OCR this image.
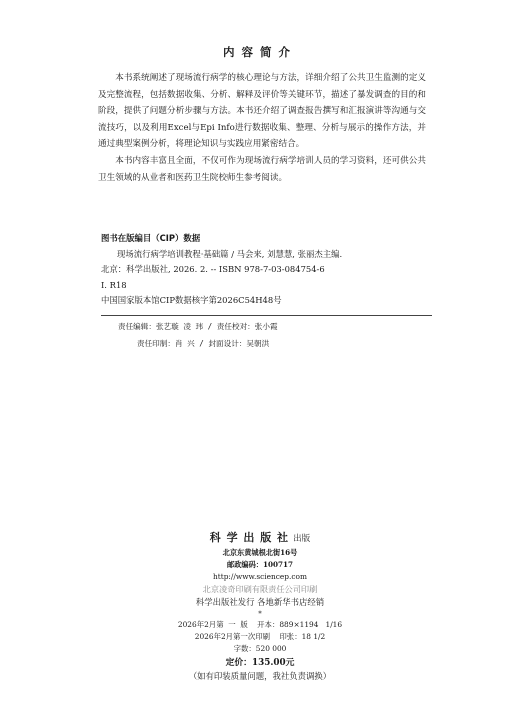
内容简介

本书系统阐述了现场流行病学的核心理论与方法，详细介绍了公共卫生监测的定义及完整流程，包括数据收集、分析、解释及评价等关键环节，描述了暴发调查的目的和阶段，提供了问题分析步骤与方法。本书还介绍了调查报告撰写和汇报演讲等沟通与交流技巧，以及利用Excel与Epi Info进行数据收集、整理、分析与展示的操作方法，并通过典型案例分析，将理论知识与实践应用紧密结合。

本书内容丰富且全面，不仅可作为现场流行病学培训人员的学习资料，还可供公共卫生领域的从业者和医药卫生院校师生参考阅读。

图书在版编目（CIP）数据
现场流行病学培训教程·基础篇 / 马会来, 刘慧慧, 张丽杰主编.
北京：科学出版社, 2026. 2. -- ISBN 978-7-03-084754-6
Ⅰ. R18
中国国家版本馆CIP数据核字第2026C54H48号
责任编辑：张艺璇 凌 玮 / 责任校对：张小霞
责任印制：肖 兴 / 封面设计：吴朝洪
科 学 出 版 社 出版
北京东黄城根北街16号
邮政编码：100717
http://www.sciencep.com
北京凌奇印刷有限责任公司印刷
科学出版社发行 各地新华书店经销
*
2026年2月第  一  版    开本：889×1194   1/16
2026年2月第一次印刷    印张：18 1/2
字数：520 000
定价：135.00元
（如有印装质量问题，我社负责调换）
